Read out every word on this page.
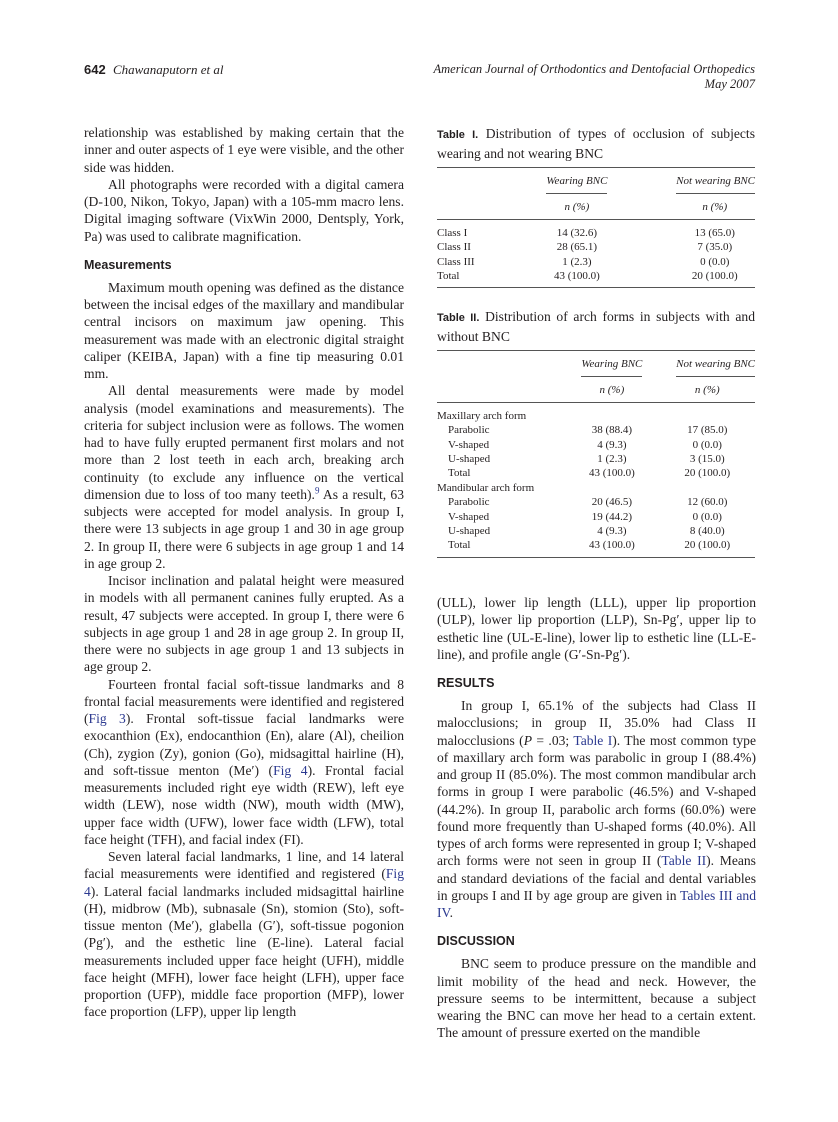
642 Chawanaputorn et al	American Journal of Orthodontics and Dentofacial Orthopedics
May 2007

relationship was established by making certain that the inner and outer aspects of 1 eye were visible, and the other side was hidden.

All photographs were recorded with a digital camera (D-100, Nikon, Tokyo, Japan) with a 105-mm macro lens. Digital imaging software (VixWin 2000, Dentsply, York, Pa) was used to calibrate magnification.

Measurements

Maximum mouth opening was defined as the distance between the incisal edges of the maxillary and mandibular central incisors on maximum jaw opening. This measurement was made with an electronic digital straight caliper (KEIBA, Japan) with a fine tip measuring 0.01 mm.

All dental measurements were made by model analysis (model examinations and measurements). The criteria for subject inclusion were as follows. The women had to have fully erupted permanent first molars and not more than 2 lost teeth in each arch, breaking arch continuity (to exclude any influence on the vertical dimension due to loss of too many teeth).$^9$ As a result, 63 subjects were accepted for model analysis. In group I, there were 13 subjects in age group 1 and 30 in age group 2. In group II, there were 6 subjects in age group 1 and 14 in age group 2.

Incisor inclination and palatal height were measured in models with all permanent canines fully erupted. As a result, 47 subjects were accepted. In group I, there were 6 subjects in age group 1 and 28 in age group 2. In group II, there were no subjects in age group 1 and 13 subjects in age group 2.

Fourteen frontal facial soft-tissue landmarks and 8 frontal facial measurements were identified and registered (Fig 3). Frontal soft-tissue facial landmarks were exocanthion (Ex), endocanthion (En), alare (Al), cheilion (Ch), zygion (Zy), gonion (Go), midsagittal hairline (H), and soft-tissue menton (Me′) (Fig 4). Frontal facial measurements included right eye width (REW), left eye width (LEW), nose width (NW), mouth width (MW), upper face width (UFW), lower face width (LFW), total face height (TFH), and facial index (FI).

Seven lateral facial landmarks, 1 line, and 14 lateral facial measurements were identified and registered (Fig 4). Lateral facial landmarks included midsagittal hairline (H), midbrow (Mb), subnasale (Sn), stomion (Sto), soft-tissue menton (Me′), glabella (G′), soft-tissue pogonion (Pg′), and the esthetic line (E-line). Lateral facial measurements included upper face height (UFH), middle face height (MFH), lower face height (LFH), upper face proportion (UFP), middle face proportion (MFP), lower face proportion (LFP), upper lip length

Table I. Distribution of types of occlusion of subjects wearing and not wearing BNC
	Wearing BNC	Not wearing BNC
	n (%)	n (%)
Class I	14 (32.6)	13 (65.0)
Class II	28 (65.1)	7 (35.0)
Class III	1 (2.3)	0 (0.0)
Total	43 (100.0)	20 (100.0)
Table II. Distribution of arch forms in subjects with and without BNC
	Wearing BNC	Not wearing BNC
	n (%)	n (%)
Maxillary arch form		
Parabolic	38 (88.4)	17 (85.0)
V-shaped	4 (9.3)	0 (0.0)
U-shaped	1 (2.3)	3 (15.0)
Total	43 (100.0)	20 (100.0)
Mandibular arch form		
Parabolic	20 (46.5)	12 (60.0)
V-shaped	19 (44.2)	0 (0.0)
U-shaped	4 (9.3)	8 (40.0)
Total	43 (100.0)	20 (100.0)

(ULL), lower lip length (LLL), upper lip proportion (ULP), lower lip proportion (LLP), Sn-Pg′, upper lip to esthetic line (UL-E-line), lower lip to esthetic line (LL-E-line), and profile angle (G′-Sn-Pg′).

RESULTS

In group I, 65.1% of the subjects had Class II malocclusions; in group II, 35.0% had Class II malocclusions (P = .03; Table I). The most common type of maxillary arch form was parabolic in group I (88.4%) and group II (85.0%). The most common mandibular arch forms in group I were parabolic (46.5%) and V-shaped (44.2%). In group II, parabolic arch forms (60.0%) were found more frequently than U-shaped forms (40.0%). All types of arch forms were represented in group I; V-shaped arch forms were not seen in group II (Table II). Means and standard deviations of the facial and dental variables in groups I and II by age group are given in Tables III and IV.

DISCUSSION

BNC seem to produce pressure on the mandible and limit mobility of the head and neck. However, the pressure seems to be intermittent, because a subject wearing the BNC can move her head to a certain extent. The amount of pressure exerted on the mandible
